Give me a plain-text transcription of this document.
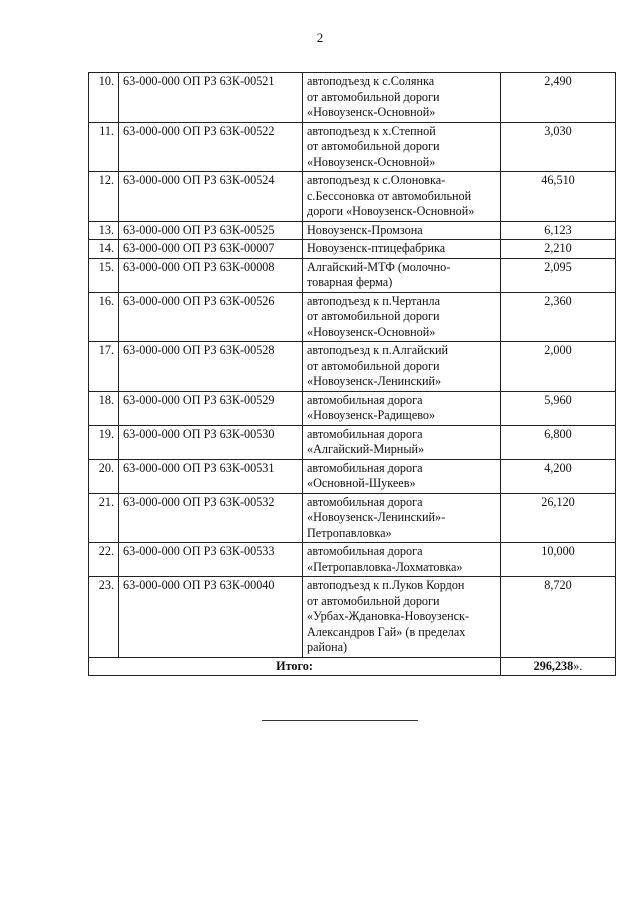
2
10.	63-000-000 ОП РЗ 63К-00521	автоподъезд к с.Солянка
от автомобильной дороги
«Новоузенск-Основной»	2,490
11.	63-000-000 ОП РЗ 63К-00522	автоподъезд к х.Степной
от автомобильной дороги
«Новоузенск-Основной»	3,030
12.	63-000-000 ОП РЗ 63К-00524	автоподъезд к с.Олоновка-
с.Бессоновка от автомобильной
дороги «Новоузенск-Основной»	46,510
13.	63-000-000 ОП РЗ 63К-00525	Новоузенск-Промзона	6,123
14.	63-000-000 ОП РЗ 63К-00007	Новоузенск-птицефабрика	2,210
15.	63-000-000 ОП РЗ 63К-00008	Алгайский-МТФ (молочно-
товарная ферма)	2,095
16.	63-000-000 ОП РЗ 63К-00526	автоподъезд к п.Чертанла
от автомобильной дороги
«Новоузенск-Основной»	2,360
17.	63-000-000 ОП РЗ 63К-00528	автоподъезд к п.Алгайский
от автомобильной дороги
«Новоузенск-Ленинский»	2,000
18.	63-000-000 ОП РЗ 63К-00529	автомобильная дорога
«Новоузенск-Радищево»	5,960
19.	63-000-000 ОП РЗ 63К-00530	автомобильная дорога
«Алгайский-Мирный»	6,800
20.	63-000-000 ОП РЗ 63К-00531	автомобильная дорога
«Основной-Шукеев»	4,200
21.	63-000-000 ОП РЗ 63К-00532	автомобильная дорога
«Новоузенск-Ленинский»-
Петропавловка»	26,120
22.	63-000-000 ОП РЗ 63К-00533	автомобильная дорога
«Петропавловка-Лохматовка»	10,000
23.	63-000-000 ОП РЗ 63К-00040	автоподъезд к п.Луков Кордон
от автомобильной дороги
«Урбах-Ждановка-Новоузенск-
Александров Гай» (в пределах
района)	8,720
Итого:			296,238».
